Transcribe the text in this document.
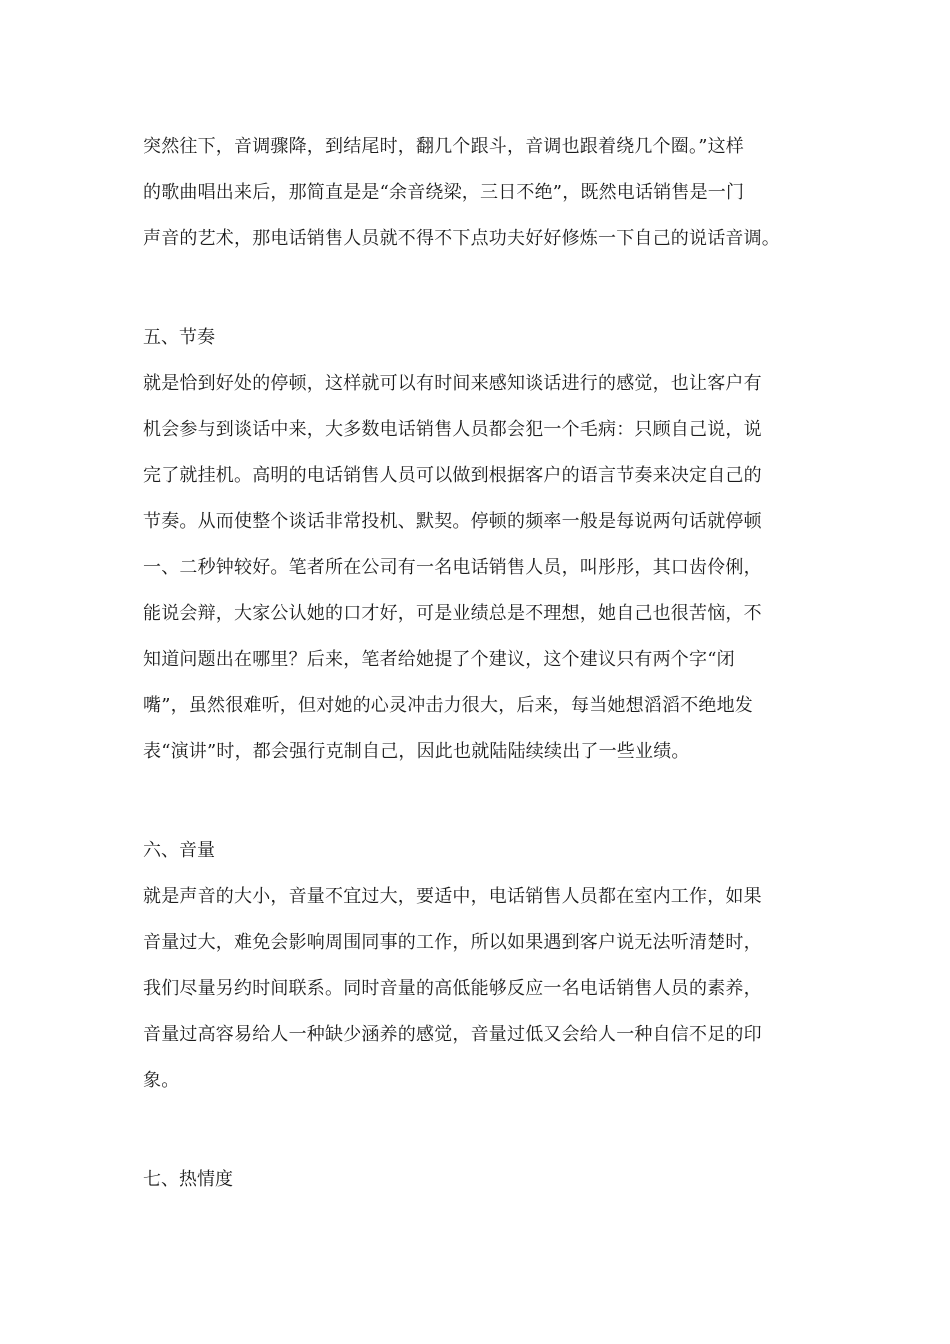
突然往下，音调骤降，到结尾时，翻几个跟斗，音调也跟着绕几个圈。”这样
的歌曲唱出来后，那简直是是“余音绕梁，三日不绝”，既然电话销售是一门
声音的艺术，那电话销售人员就不得不下点功夫好好修炼一下自己的说话音调。
五、节奏
就是恰到好处的停顿，这样就可以有时间来感知谈话进行的感觉，也让客户有
机会参与到谈话中来，大多数电话销售人员都会犯一个毛病：只顾自己说，说
完了就挂机。高明的电话销售人员可以做到根据客户的语言节奏来决定自己的
节奏。从而使整个谈话非常投机、默契。停顿的频率一般是每说两句话就停顿
一、二秒钟较好。笔者所在公司有一名电话销售人员，叫彤彤，其口齿伶俐，
能说会辩，大家公认她的口才好，可是业绩总是不理想，她自己也很苦恼，不
知道问题出在哪里？后来，笔者给她提了个建议，这个建议只有两个字“闭
嘴”，虽然很难听，但对她的心灵冲击力很大，后来，每当她想滔滔不绝地发
表“演讲”时，都会强行克制自己，因此也就陆陆续续出了一些业绩。
六、音量
就是声音的大小，音量不宜过大，要适中，电话销售人员都在室内工作，如果
音量过大，难免会影响周围同事的工作，所以如果遇到客户说无法听清楚时，
我们尽量另约时间联系。同时音量的高低能够反应一名电话销售人员的素养，
音量过高容易给人一种缺少涵养的感觉，音量过低又会给人一种自信不足的印
象。
七、热情度
